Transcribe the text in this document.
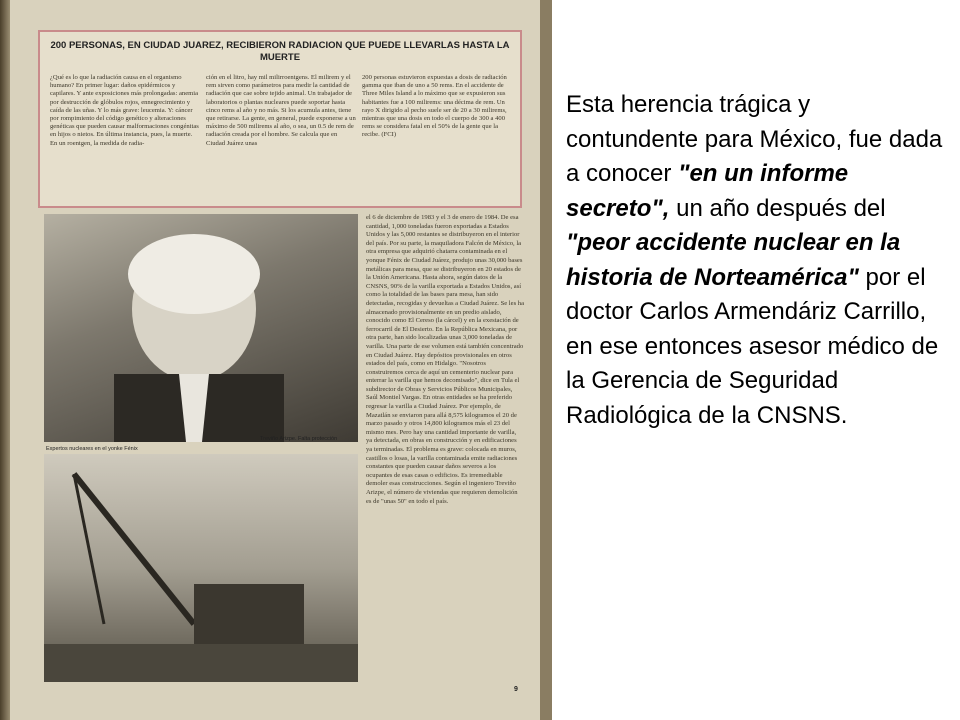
200 PERSONAS, EN CIUDAD JUAREZ, RECIBIERON RADIACION QUE PUEDE LLEVARLAS HASTA LA MUERTE
¿Qué es lo que la radiación causa en el organismo humano? En primer lugar: daños epidérmicos y capilares. Y ante exposiciones más prolongadas: anemia por destrucción de glóbulos rojos, ennegrecimiento y caída de las uñas. Y lo más grave: leucemia. Y: cáncer por rompimiento del código genético y alteraciones genéticas que pueden causar malformaciones congénitas en hijos o nietos. En última instancia, pues, la muerte. En un roentgen, la medida de radia-
ción en el litro, hay mil milirroentgens. El milirem y el rem sirven como parámetros para medir la cantidad de radiación que cae sobre tejido animal. Un trabajador de laboratorios o plantas nucleares puede soportar hasta cinco rems al año y no más. Si los acumula antes, tiene que retirarse. La gente, en general, puede exponerse a un máximo de 500 milirems al año, o sea, un 0.5 de rem de radiación creada por el hombre. Se calcula que en Ciudad Juárez unas
200 personas estuvieron expuestas a dosis de radiación gamma que iban de uno a 50 rems. En el accidente de Three Miles Island a lo máximo que se expusieron sus habitantes fue a 100 milirems: una décima de rem. Un rayo X dirigido al pecho suele ser de 20 a 30 milirems, mientras que una dosis en todo el cuerpo de 300 a 400 rems se considera fatal en el 50% de la gente que la recibe. (FCI)
Treviño Arizpe. Falta protección
Expertos nucleares en el yonke Fénix
el 6 de diciembre de 1983 y el 3 de enero de 1984. De esa cantidad, 1,000 toneladas fueron exportadas a Estados Unidos y las 5,000 restantes se distribuyeron en el interior del país. Por su parte, la maquiladora Falcón de México, la otra empresa que adquirió chatarra contaminada en el yonque Fénix de Ciudad Juárez, produjo unas 30,000 bases metálicas para mesa, que se distribuyeron en 20 estados de la Unión Americana. Hasta ahora, según datos de la CNSNS, 90% de la varilla exportada a Estados Unidos, así como la totalidad de las bases para mesa, han sido detectadas, recogidas y devueltas a Ciudad Juárez. Se les ha almacenado provisionalmente en un predio aislado, conocido como El Cereso (la cárcel) y en la exestación de ferrocarril de El Desierto. En la República Mexicana, por otra parte, han sido localizadas unas 3,000 toneladas de varilla. Una parte de ese volumen está también concentrado en Ciudad Juárez. Hay depósitos provisionales en otros estados del país, como en Hidalgo. "Nosotros construiremos cerca de aquí un cementerio nuclear para enterrar la varilla que hemos decomisado", dice en Tula el subdirector de Obras y Servicios Públicos Municipales, Saúl Montiel Vargas. En otras entidades se ha preferido regresar la varilla a Ciudad Juárez. Por ejemplo, de Mazatlán se enviaron para allá 8,575 kilogramos el 20 de marzo pasado y otros 14,800 kilogramos más el 23 del mismo mes. Pero hay una cantidad importante de varilla, ya detectada, en obras en construcción y en edificaciones ya terminadas. El problema es grave: colocada en muros, castillos o losas, la varilla contaminada emite radiaciones constantes que pueden causar daños severos a los ocupantes de esas casas o edificios. Es irremediable demoler esas construcciones. Según el ingeniero Treviño Arizpe, el número de viviendas que requieren demolición es de "unas 50" en todo el país.
9
Esta herencia trágica y contundente para México, fue dada a conocer "en un informe secreto", un año después del "peor accidente nuclear en la historia de Norteamérica" por el doctor Carlos Armendáriz Carrillo, en ese entonces asesor médico de la Gerencia de Seguridad Radiológica de la CNSNS.
